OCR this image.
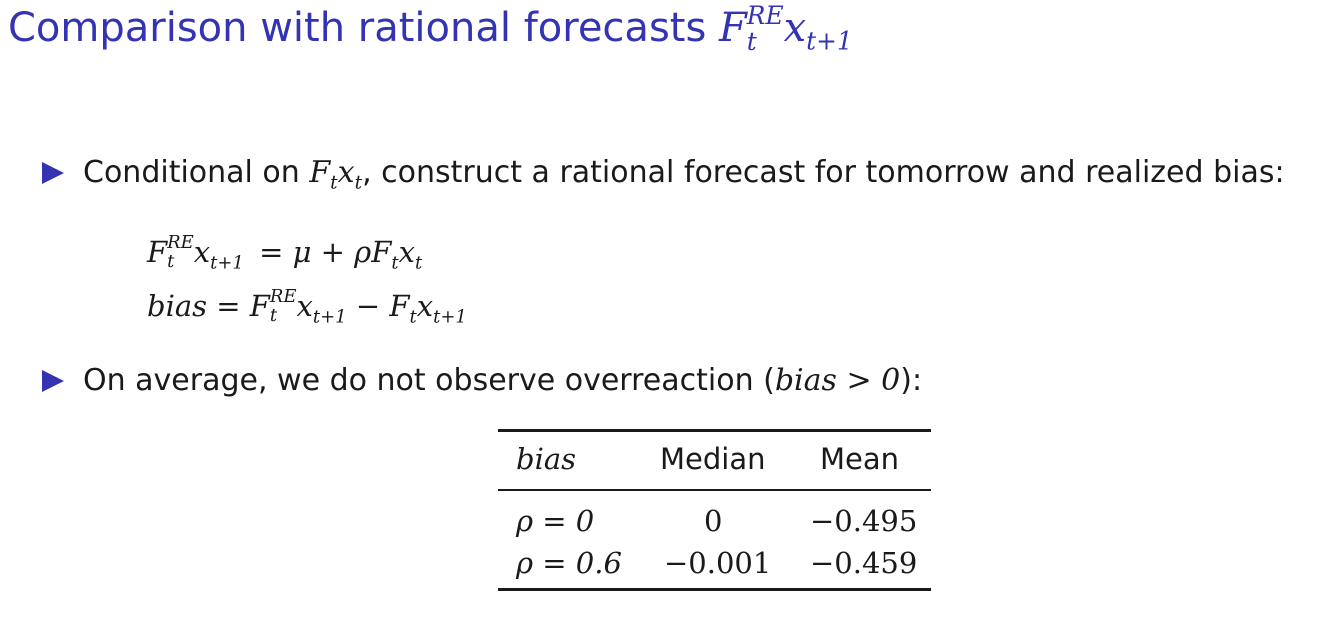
Comparison with rational forecasts F RE
t $x_{t+1}$
Conditional on $F_tx_t$, construct a rational forecast for tomorrow and realized bias:
F RE
t $x_{t+1} = \mu + \rho F_tx_t$
bias = F RE
t $x_{t+1} - F_tx_{t+1}$
On average, we do not observe overreaction (bias > 0):
bias	Median Mean
ρ = 0	0	−0.495
ρ = 0.6 −0.001 −0.459
